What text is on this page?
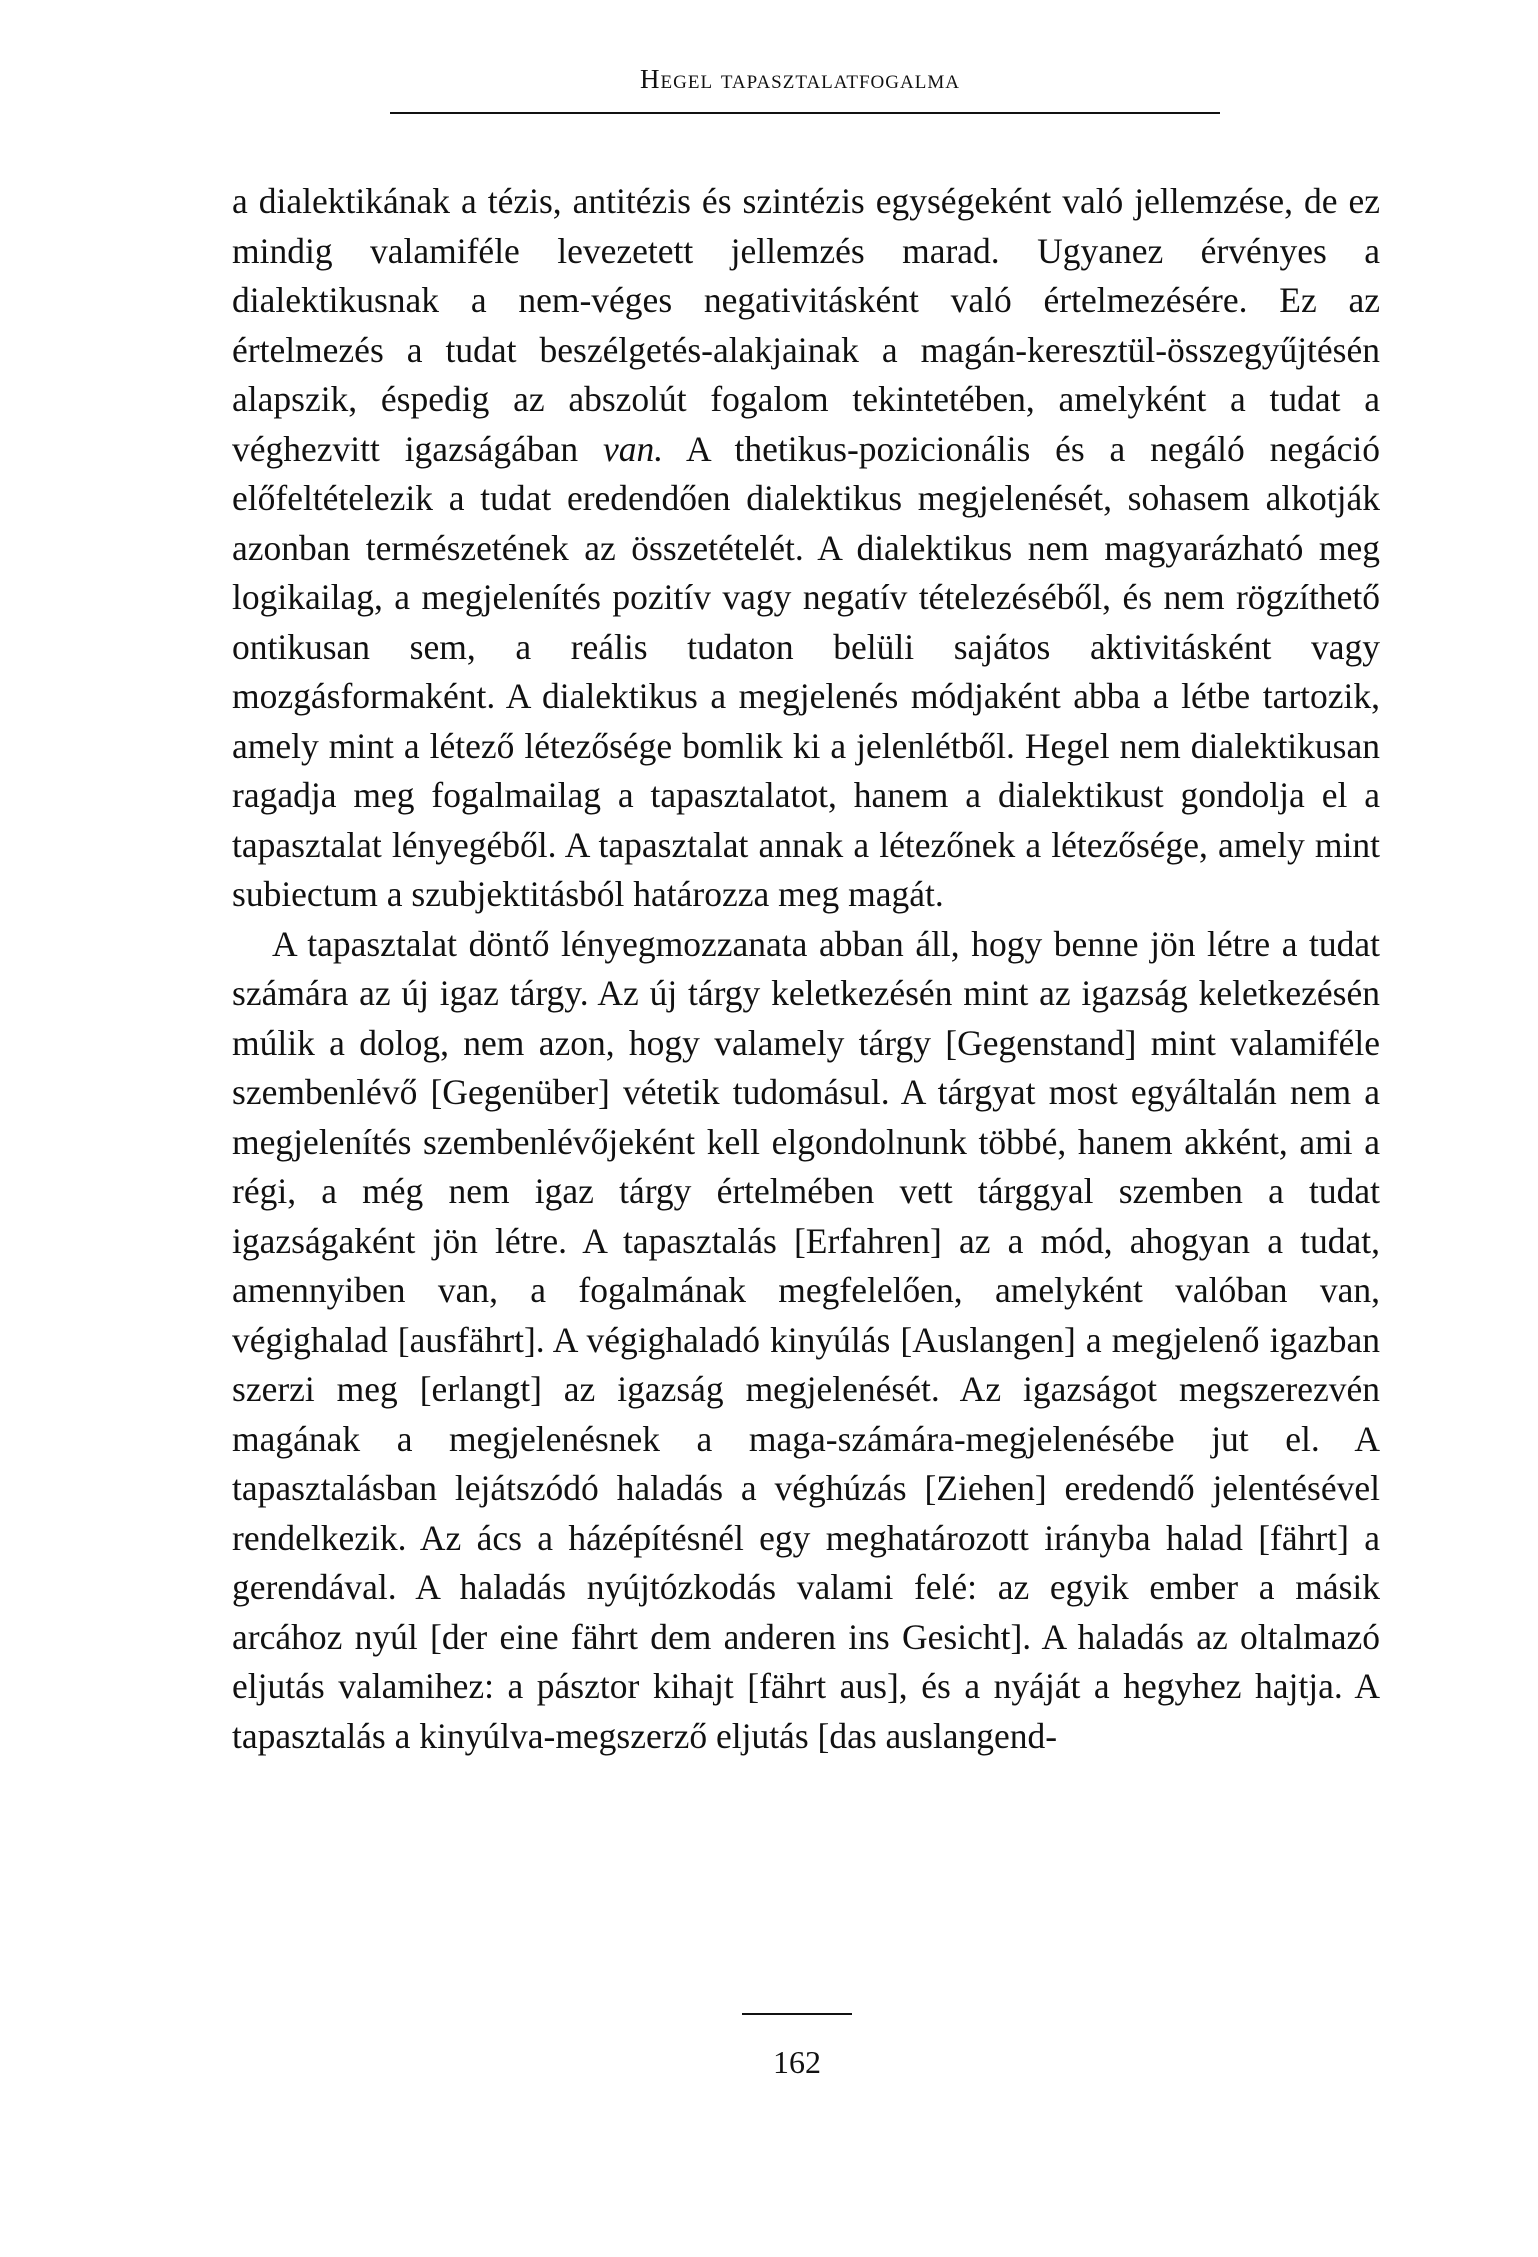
Hegel tapasztalatfogalma

a dialektikának a tézis, antitézis és szintézis egységeként való jellemzése, de ez mindig valamiféle levezetett jellemzés marad. Ugyanez érvényes a dialektikusnak a nem-véges negativitásként való értelmezésére. Ez az értelmezés a tudat beszélgetés-alakjainak a magán-keresztül-összegyűjtésén alapszik, éspedig az abszolút fogalom tekintetében, amelyként a tudat a véghezvitt igazságában van. A thetikus-pozicionális és a negáló negáció előfeltételezik a tudat eredendően dialektikus megjelenését, sohasem alkotják azonban természetének az összetételét. A dialektikus nem magyarázható meg logikailag, a megjelenítés pozitív vagy negatív tételezéséből, és nem rögzíthető ontikusan sem, a reális tudaton belüli sajátos aktivitásként vagy mozgásformaként. A dialektikus a megjelenés módjaként abba a létbe tartozik, amely mint a létező létezősége bomlik ki a jelenlétből. Hegel nem dialektikusan ragadja meg fogalmailag a tapasztalatot, hanem a dialektikust gondolja el a tapasztalat lényegéből. A tapasztalat annak a létezőnek a létezősége, amely mint subiectum a szubjektitásból határozza meg magát.

A tapasztalat döntő lényegmozzanata abban áll, hogy benne jön létre a tudat számára az új igaz tárgy. Az új tárgy keletkezésén mint az igazság keletkezésén múlik a dolog, nem azon, hogy valamely tárgy [Gegenstand] mint valamiféle szembenlévő [Gegenüber] vétetik tudomásul. A tárgyat most egyáltalán nem a megjelenítés szembenlévőjeként kell elgondolnunk többé, hanem akként, ami a régi, a még nem igaz tárgy értelmében vett tárggyal szemben a tudat igazságaként jön létre. A tapasztalás [Erfahren] az a mód, ahogyan a tudat, amennyiben van, a fogalmának megfelelően, amelyként valóban van, végighalad [ausfährt]. A végighaladó kinyúlás [Auslangen] a megjelenő igazban szerzi meg [erlangt] az igazság megjelenését. Az igazságot megszerezvén magának a megjelenésnek a maga-számára-megjelenésébe jut el. A tapasztalásban lejátszódó haladás a véghúzás [Ziehen] eredendő jelentésével rendelkezik. Az ács a házépítésnél egy meghatározott irányba halad [fährt] a gerendával. A haladás nyújtózkodás valami felé: az egyik ember a másik arcához nyúl [der eine fährt dem anderen ins Gesicht]. A haladás az oltalmazó eljutás valamihez: a pásztor kihajt [fährt aus], és a nyáját a hegyhez hajtja. A tapasztalás a kinyúlva-megszerző eljutás [das auslangend-

162
